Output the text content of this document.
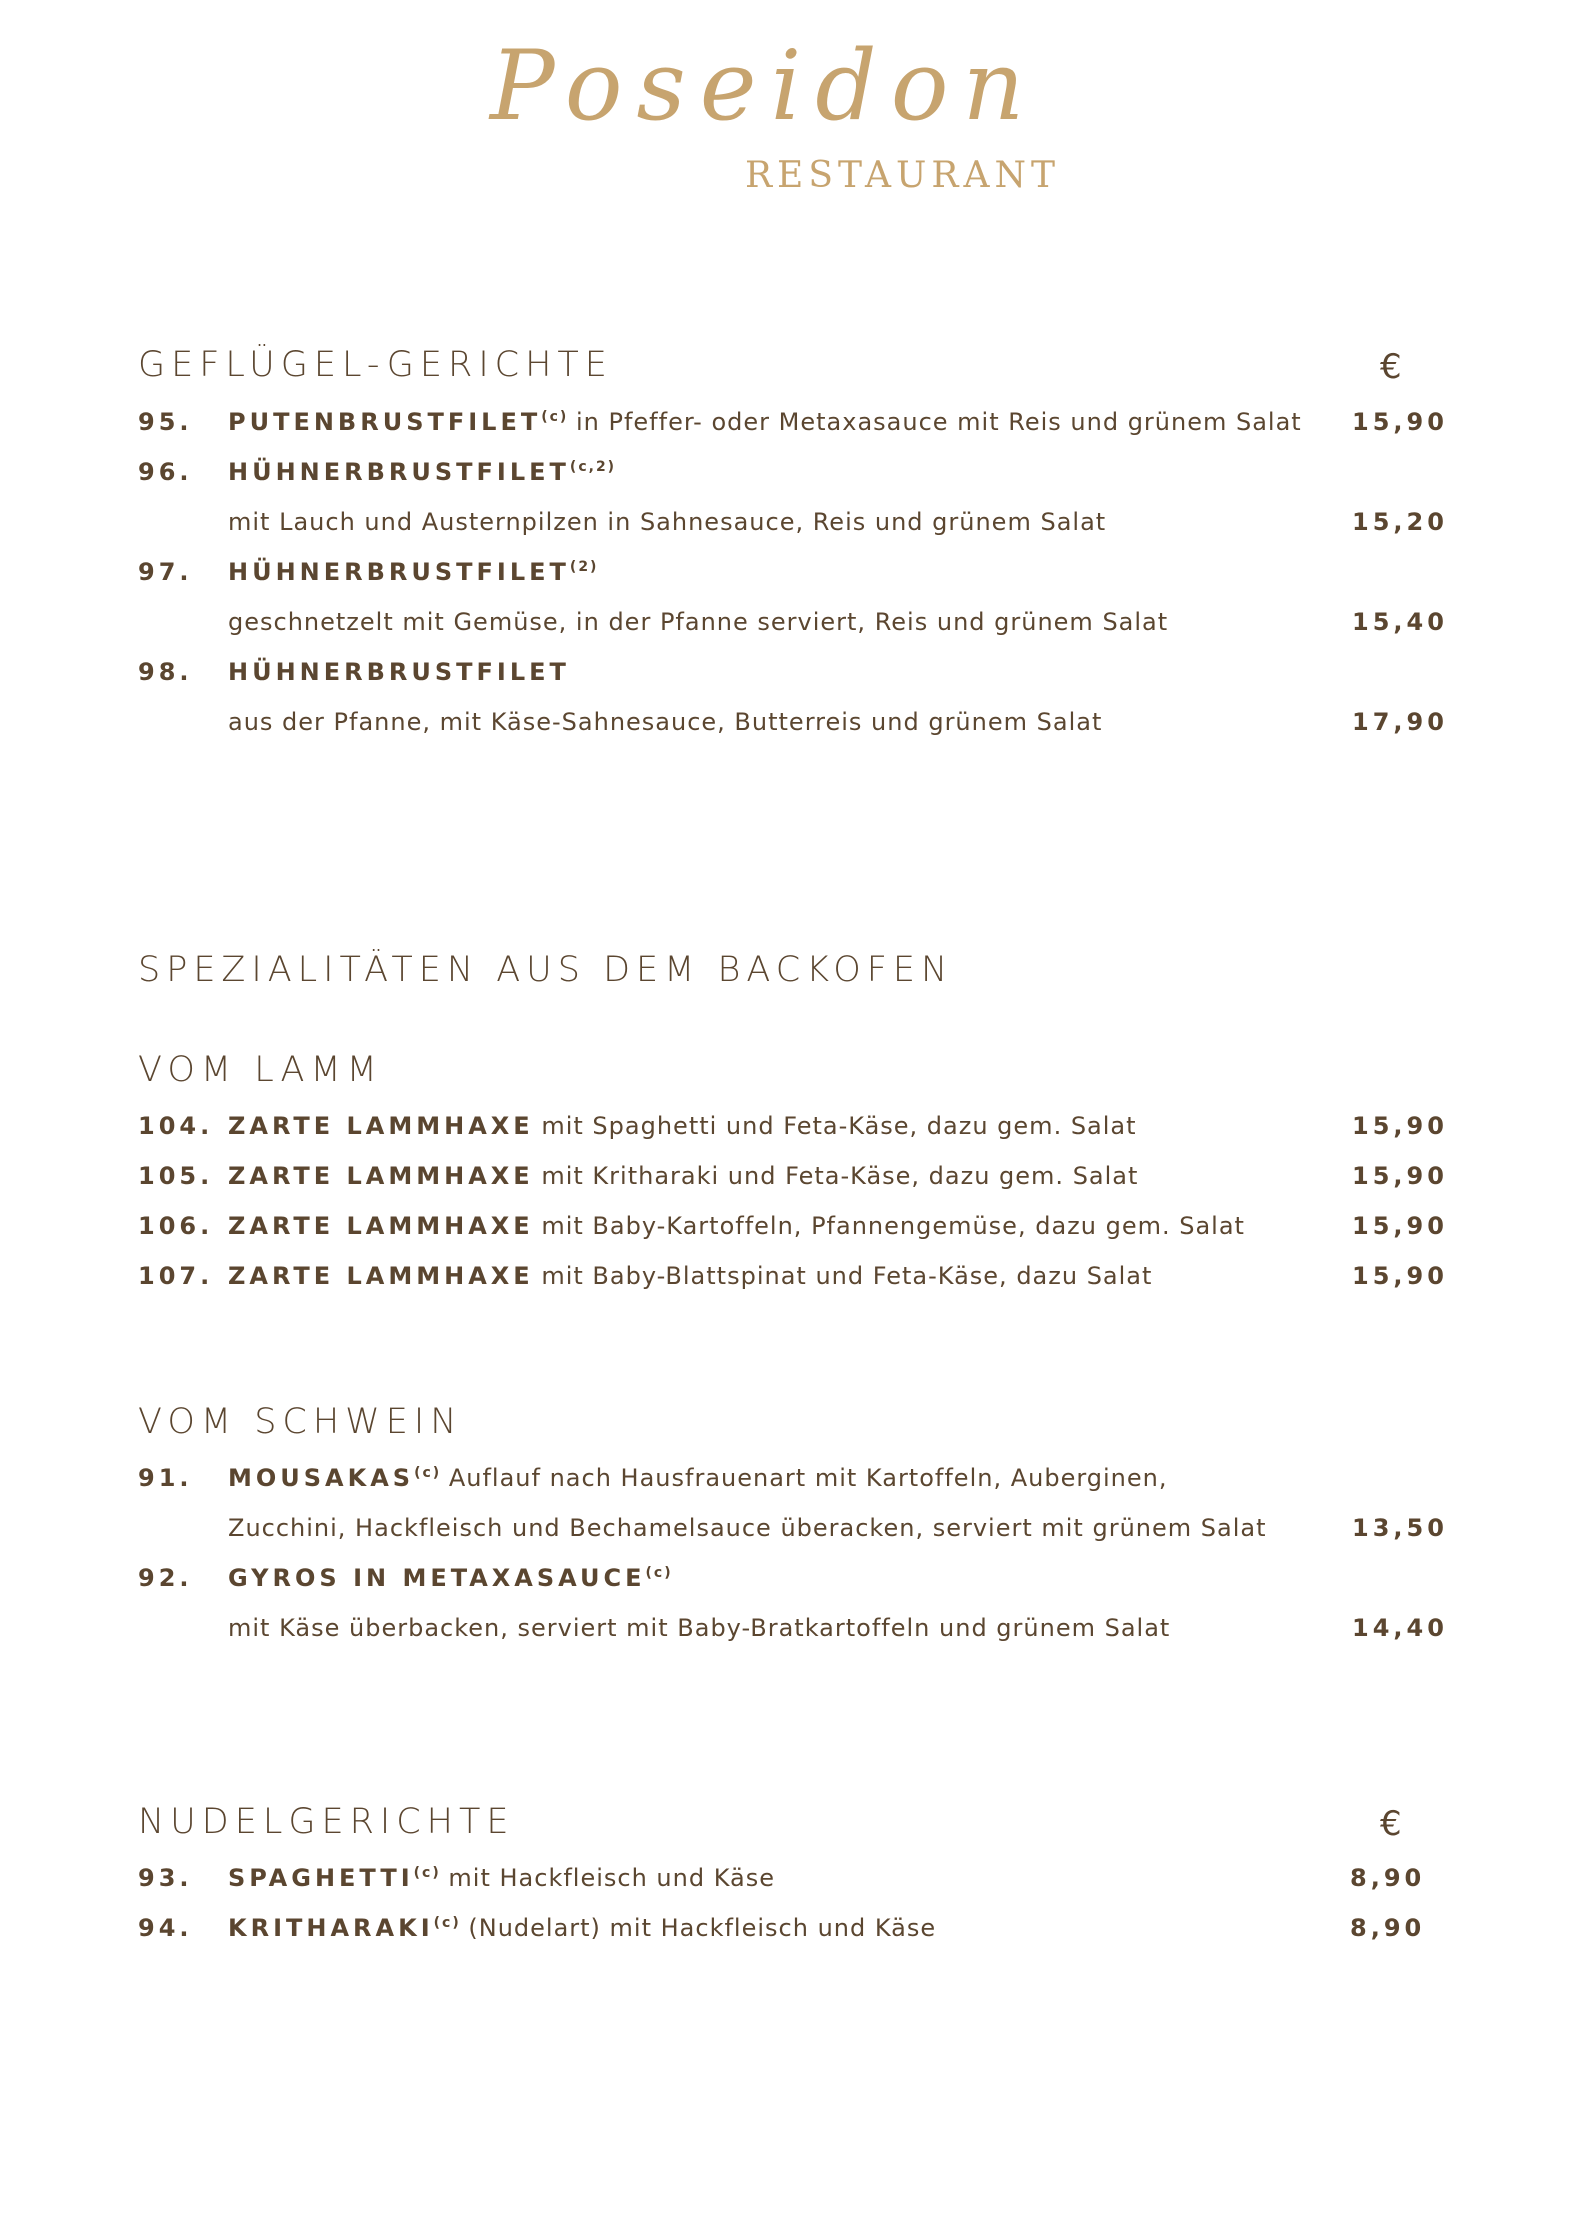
Poseidon
RESTAURANT
GEFLÜGEL-GERICHTE	€
95. PUTENBRUSTFILET$^{(c)}$ in Pfeffer- oder Metaxasauce mit Reis und grünem Salat 15,90
96. HÜHNERBRUSTFILET$^{(c,2)}$
mit Lauch und Austernpilzen in Sahnesauce, Reis und grünem Salat	15,20
97. HÜHNERBRUSTFILET$^{(2)}$
geschnetzelt mit Gemüse, in der Pfanne serviert, Reis und grünem Salat	15,40
98. HÜHNERBRUSTFILET
aus der Pfanne, mit Käse-Sahnesauce, Butterreis und grünem Salat	17,90
SPEZIALITÄTEN AUS DEM BACKOFEN
VOM LAMM
104. ZARTE LAMMHAXE mit Spaghetti und Feta-Käse, dazu gem. Salat	15,90
105. ZARTE LAMMHAXE mit Kritharaki und Feta-Käse, dazu gem. Salat	15,90
106. ZARTE LAMMHAXE mit Baby-Kartoffeln, Pfannengemüse, dazu gem. Salat	15,90
107. ZARTE LAMMHAXE mit Baby-Blattspinat und Feta-Käse, dazu Salat	15,90
VOM SCHWEIN
91. MOUSAKAS$^{(c)}$ Auflauf nach Hausfrauenart mit Kartoffeln, Auberginen,
Zucchini, Hackfleisch und Bechamelsauce überacken, serviert mit grünem Salat	13,50
92. GYROS IN METAXASAUCE$^{(c)}$
mit Käse überbacken, serviert mit Baby-Bratkartoffeln und grünem Salat	14,40
NUDELGERICHTE	€
93. SPAGHETTI$^{(c)}$ mit Hackfleisch und Käse	8,90
94. KRITHARAKI$^{(c)}$ (Nudelart) mit Hackfleisch und Käse	8,90
